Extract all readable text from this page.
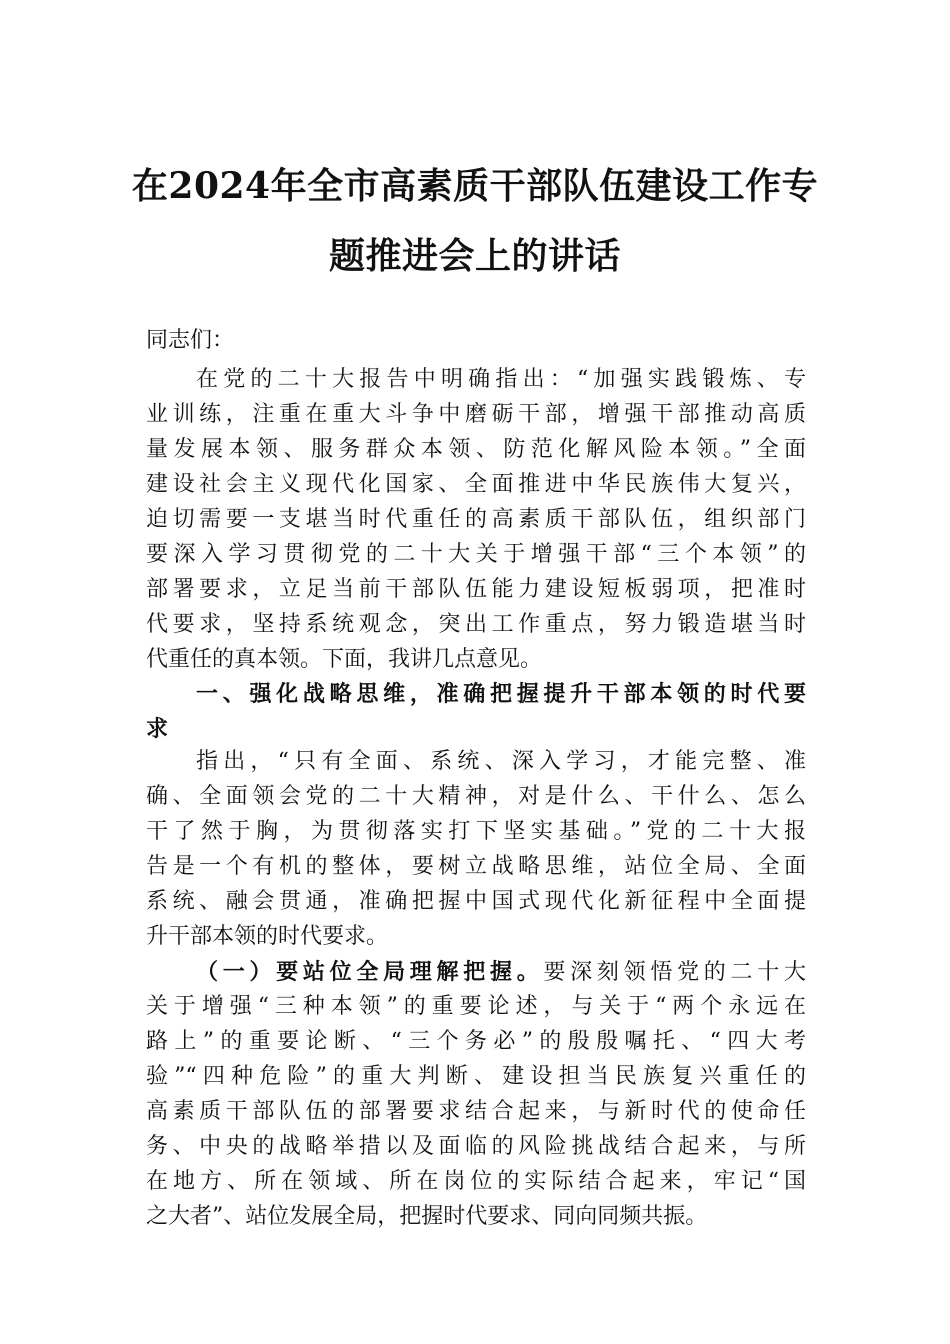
在2024年全市高素质干部队伍建设工作专
题推进会上的讲话
同志们：
在党的二十大报告中明确指出：“加强实践锻炼、专
业训练，注重在重大斗争中磨砺干部，增强干部推动高质
量发展本领、服务群众本领、防范化解风险本领。”全面
建设社会主义现代化国家、全面推进中华民族伟大复兴，
迫切需要一支堪当时代重任的高素质干部队伍，组织部门
要深入学习贯彻党的二十大关于增强干部“三个本领”的
部署要求，立足当前干部队伍能力建设短板弱项，把准时
代要求，坚持系统观念，突出工作重点，努力锻造堪当时
代重任的真本领。下面，我讲几点意见。
一、强化战略思维，准确把握提升干部本领的时代要
求
指出，“只有全面、系统、深入学习，才能完整、准
确、全面领会党的二十大精神，对是什么、干什么、怎么
干了然于胸，为贯彻落实打下坚实基础。”党的二十大报
告是一个有机的整体，要树立战略思维，站位全局、全面
系统、融会贯通，准确把握中国式现代化新征程中全面提
升干部本领的时代要求。
（一）要站位全局理解把握。要深刻领悟党的二十大
关于增强“三种本领”的重要论述，与关于“两个永远在
路上”的重要论断、“三个务必”的殷殷嘱托、“四大考
验”“四种危险”的重大判断、建设担当民族复兴重任的
高素质干部队伍的部署要求结合起来，与新时代的使命任
务、中央的战略举措以及面临的风险挑战结合起来，与所
在地方、所在领域、所在岗位的实际结合起来，牢记“国
之大者”、站位发展全局，把握时代要求、同向同频共振。
